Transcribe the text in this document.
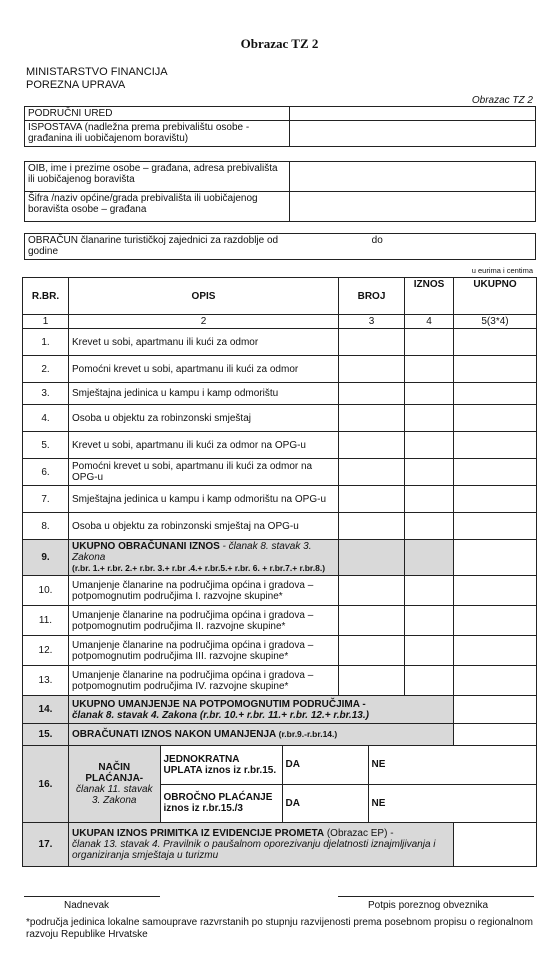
Obrazac TZ 2
MINISTARSTVO FINANCIJA
POREZNA UPRAVA
Obrazac TZ 2
PODRUČNI URED	
ISPOSTAVA (nadležna prema prebivalištu osobe - građanina ili uobičajenom boravištu)	
OIB, ime i prezime osobe – građana, adresa prebivališta ili uobičajenog boravišta	
Šifra /naziv općine/grada prebivališta ili uobičajenog boravišta osobe – građana	
OBRAČUN članarine turističkoj zajednici za razdoblje od	do
godine
u eurima i centima
R.BR.	OPIS	BROJ	IZNOS	UKUPNO
1	2	3	4	5(3*4)
1.	Krevet u sobi, apartmanu ili kući za odmor			
2.	Pomoćni krevet u sobi, apartmanu ili kući za odmor			
3.	Smještajna jedinica u kampu i kamp odmorištu			
4.	Osoba u objektu za robinzonski smještaj			
5.	Krevet u sobi, apartmanu ili kući za odmor na OPG-u			
6.	Pomoćni krevet u sobi, apartmanu ili kući za odmor na OPG-u			
7.	Smještajna jedinica u kampu i kamp odmorištu na OPG-u			
8.	Osoba u objektu za robinzonski smještaj na OPG-u			
9.	UKUPNO OBRAČUNANI IZNOS - članak 8. stavak 3. Zakona
(r.br. 1.+ r.br. 2.+ r.br. 3.+ r.br .4.+ r.br.5.+ r.br. 6. + r.br.7.+ r.br.8.)			
10.	Umanjenje članarine na područjima općina i gradova – potpomognutim područjima I. razvojne skupine*			
11.	Umanjenje članarine na područjima općina i gradova – potpomognutim područjima II. razvojne skupine*			
12.	Umanjenje članarine na područjima općina i gradova – potpomognutim područjima III. razvojne skupine*			
13.	Umanjenje članarine na područjima općina i gradova – potpomognutim područjima IV. razvojne skupine*			
14.	UKUPNO UMANJENJE NA POTPOMOGNUTIM PODRUČJIMA -
članak 8. stavak 4. Zakona (r.br. 10.+ r.br. 11.+ r.br. 12.+ r.br.13.)	
15.	OBRAČUNATI IZNOS NAKON UMANJENJA (r.br.9.-r.br.14.)	
16.	
NAČIN PLAĆANJA-
članak 11. stavak 3. Zakona	JEDNOKRATNA UPLATA iznos iz r.br.15.	DA	NE
OBROČNO PLAĆANJE iznos iz r.br.15./3	DA	NE

17.	UKUPAN IZNOS PRIMITKA IZ EVIDENCIJE PROMETA (Obrazac EP) -
članak 13. stavak 4. Pravilnik o paušalnom oporezivanju djelatnosti iznajmljivanja i organiziranja smještaja u turizmu	
Nadnevak	Potpis poreznog obveznika
*područja jedinica lokalne samouprave razvrstanih po stupnju razvijenosti prema posebnom propisu o regionalnom razvoju Republike Hrvatske
